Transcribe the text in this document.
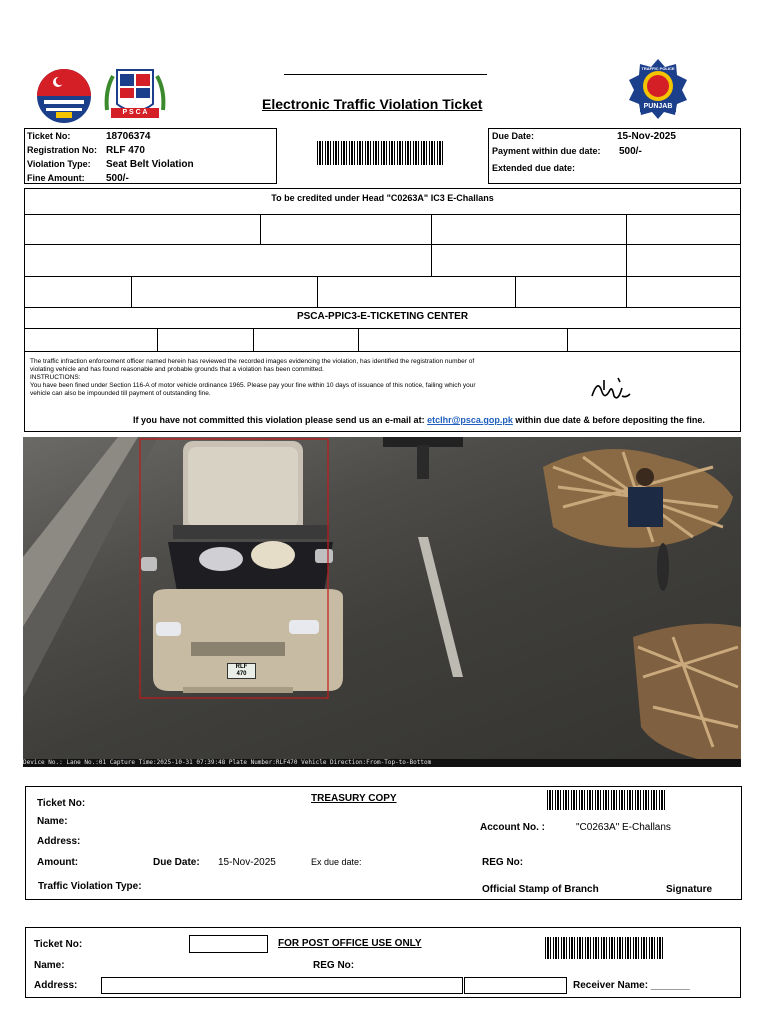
P S C A
Electronic Traffic Violation Ticket
TRAFFIC POLICE
PUNJAB
Ticket No:	18706374
Registration No: RLF 470
Violation Type: Seat Belt Violation
Fine Amount: 500/-
Due Date:	15-Nov-2025
Payment within due date: 500/-
Extended due date:
To be credited under Head "C0263A" IC3 E-Challans
PSCA-PPIC3-E-TICKETING CENTER
The traffic infraction enforcement officer named herein has reviewed the recorded images evidencing the violation, has identified the registration number of
violating vehicle and has found reasonable and probable grounds that a violation has been committed.
INSTRUCTIONS:
You have been fined under Section 116-A of motor vehicle ordinance 1965. Please pay your fine within 10 days of issuance of this notice, failing which your
vehicle can also be impounded till payment of outstanding fine.
If you have not committed this violation please send us an e-mail at: etclhr@psca.gop.pk within due date & before depositing the fine.
RLF
470
Device No.: Lane No.:01 Capture Time:2025-10-31 07:39:48 Plate Number:RLF470 Vehicle Direction:From-Top-to-Bottom
Ticket No:	TREASURY COPY
Name:
Account No. :	"C0263A" E-Challans
Address:
Amount:	Due Date: 15-Nov-2025	Ex due date:	REG No:
Traffic Violation Type:	Official Stamp of Branch	Signature
Ticket No:	FOR POST OFFICE USE ONLY
Name:	REG No:
Address:	Receiver Name: _______
